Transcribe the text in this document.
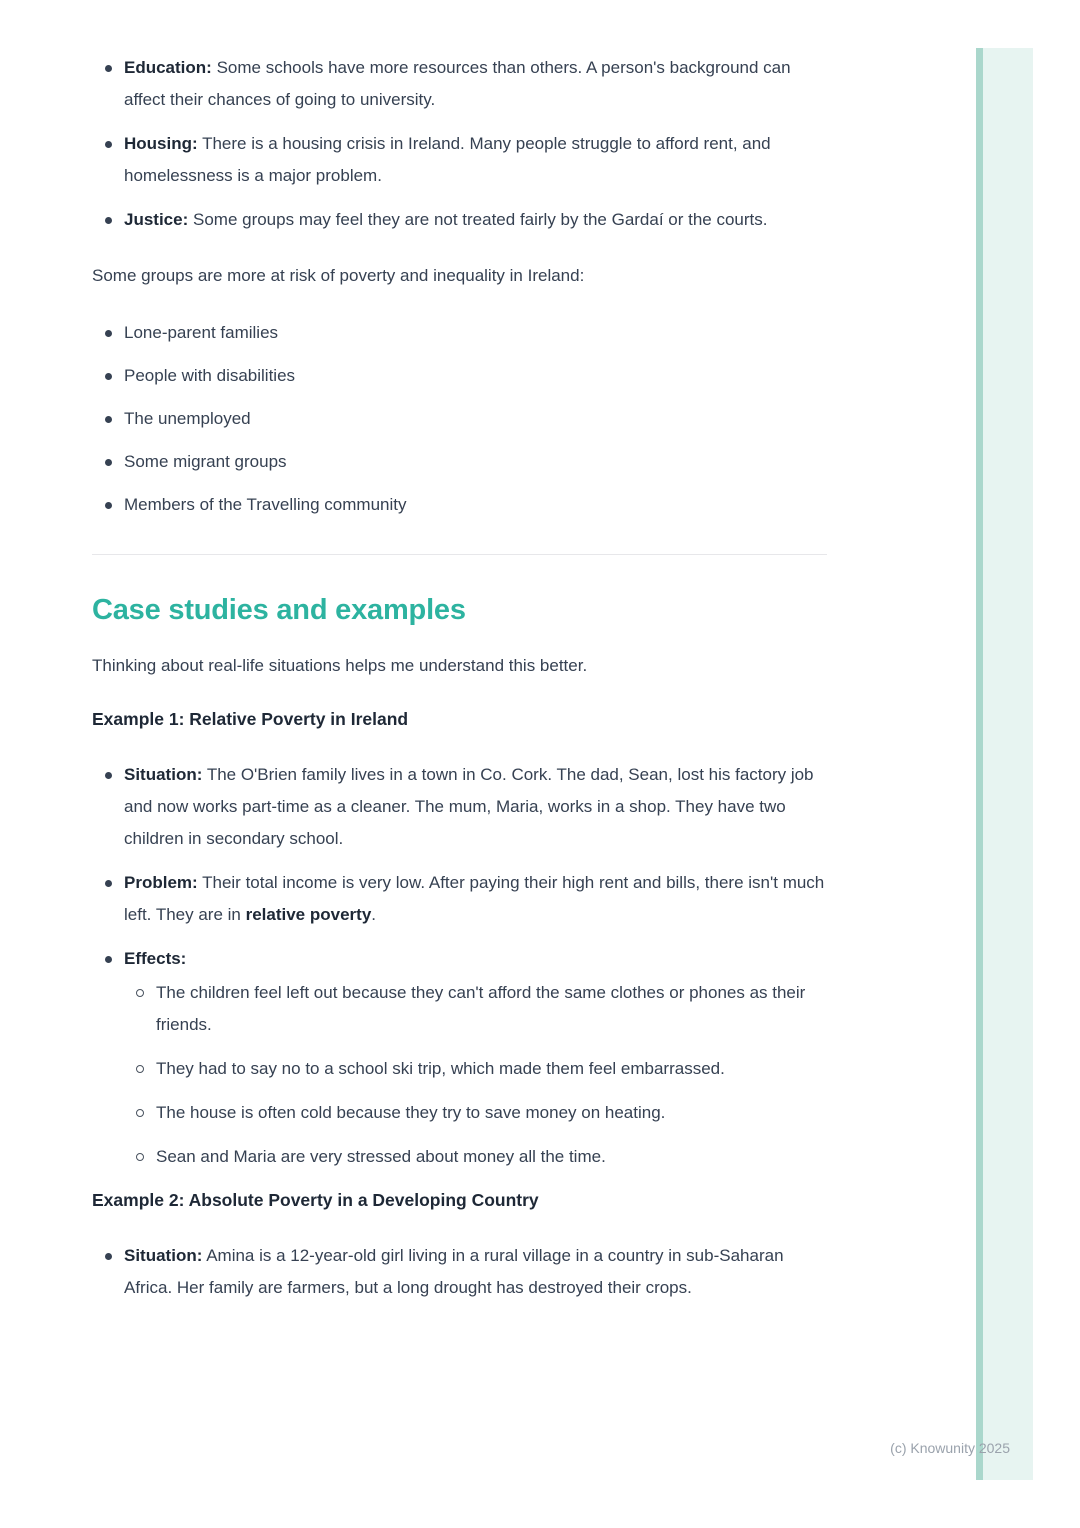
Education: Some schools have more resources than others. A person's background can affect their chances of going to university.
Housing: There is a housing crisis in Ireland. Many people struggle to afford rent, and homelessness is a major problem.
Justice: Some groups may feel they are not treated fairly by the Gardaí or the courts.

Some groups are more at risk of poverty and inequality in Ireland:

Lone-parent families
People with disabilities
The unemployed
Some migrant groups
Members of the Travelling community
Case studies and examples

Thinking about real-life situations helps me understand this better.

Example 1: Relative Poverty in Ireland
Situation: The O'Brien family lives in a town in Co. Cork. The dad, Sean, lost his factory job and now works part-time as a cleaner. The mum, Maria, works in a shop. They have two children in secondary school.
Problem: Their total income is very low. After paying their high rent and bills, there isn't much left. They are in relative poverty.
Effects:
The children feel left out because they can't afford the same clothes or phones as their friends.
They had to say no to a school ski trip, which made them feel embarrassed.
The house is often cold because they try to save money on heating.
Sean and Maria are very stressed about money all the time.
Example 2: Absolute Poverty in a Developing Country
Situation: Amina is a 12-year-old girl living in a rural village in a country in sub-Saharan Africa. Her family are farmers, but a long drought has destroyed their crops.
(c) Knowunity 2025
